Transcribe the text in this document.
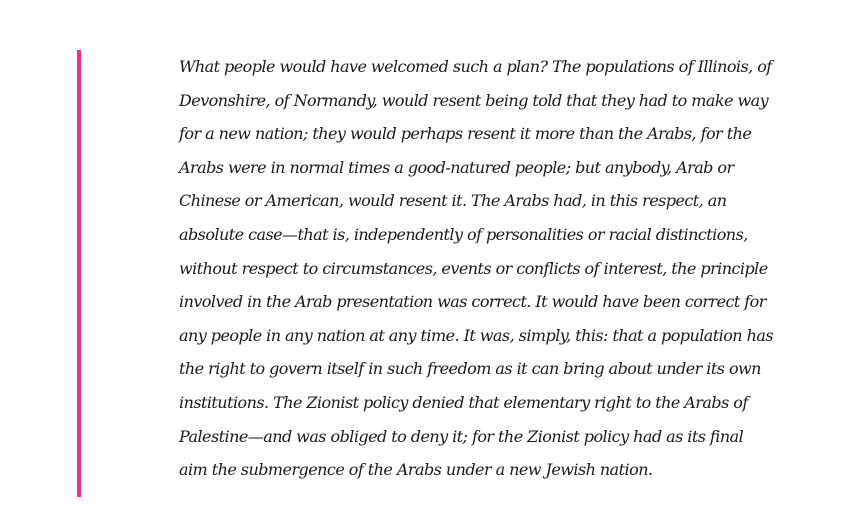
What people would have welcomed such a plan? The populations of Illinois, of
Devonshire, of Normandy, would resent being told that they had to make way
for a new nation; they would perhaps resent it more than the Arabs, for the
Arabs were in normal times a good-natured people; but anybody, Arab or
Chinese or American, would resent it. The Arabs had, in this respect, an
absolute case—that is, independently of personalities or racial distinctions,
without respect to circumstances, events or conflicts of interest, the principle
involved in the Arab presentation was correct. It would have been correct for
any people in any nation at any time. It was, simply, this: that a population has
the right to govern itself in such freedom as it can bring about under its own
institutions. The Zionist policy denied that elementary right to the Arabs of
Palestine—and was obliged to deny it; for the Zionist policy had as its final
aim the submergence of the Arabs under a new Jewish nation.
